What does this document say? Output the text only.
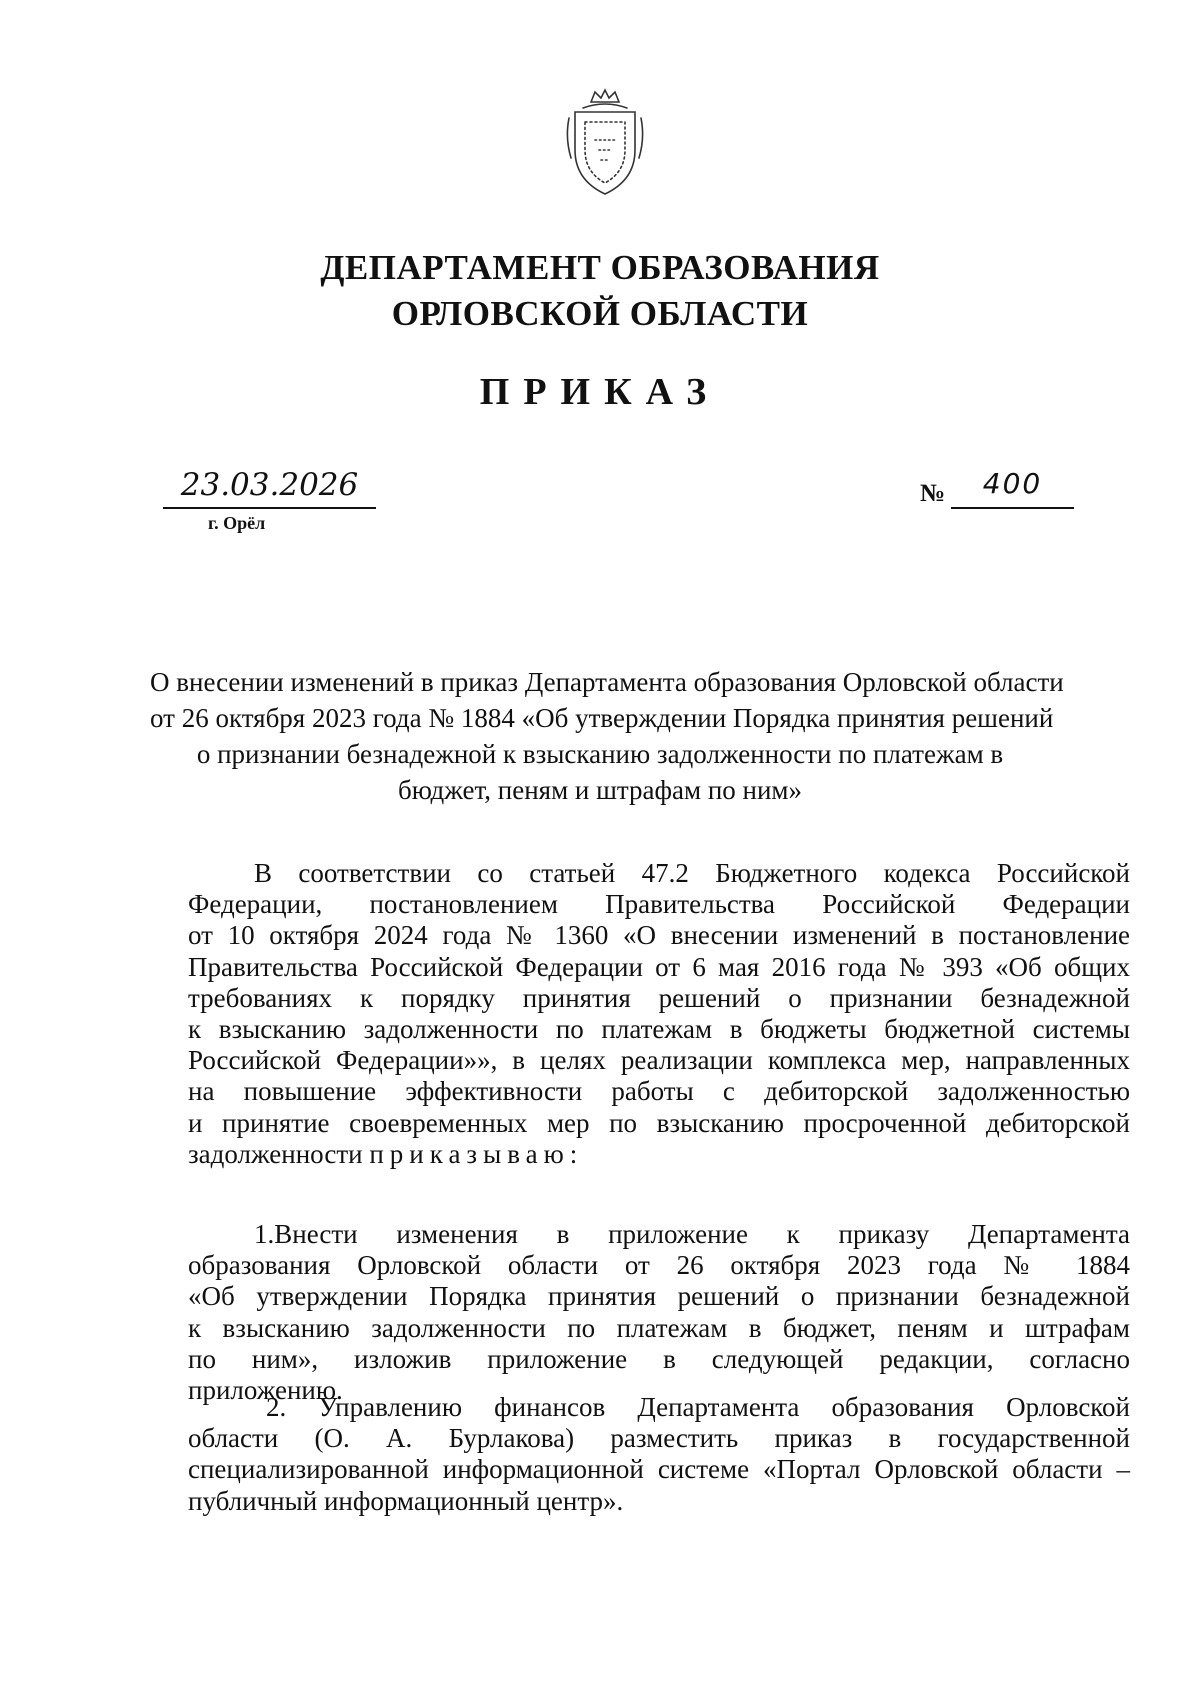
ДЕПАРТАМЕНТ ОБРАЗОВАНИЯ
ОРЛОВСКОЙ ОБЛАСТИ
ПРИКАЗ
23.03.2026
г. Орёл
№	400
О внесении изменений в приказ Департамента образования Орловской области
от 26 октября 2023 года № 1884 «Об утверждении Порядка принятия решений
о признании безнадежной к взысканию задолженности по платежам в
бюджет, пеням и штрафам по ним»
В соответствии со статьей 47.2 Бюджетного кодекса Российской
Федерации, постановлением Правительства Российской Федерации
от 10 октября 2024 года № 1360 «О внесении изменений в постановление
Правительства Российской Федерации от 6 мая 2016 года № 393 «Об общих
требованиях к порядку принятия решений о признании безнадежной
к взысканию задолженности по платежам в бюджеты бюджетной системы
Российской Федерации»», в целях реализации комплекса мер, направленных
на повышение эффективности работы с дебиторской задолженностью
и принятие своевременных мер по взысканию просроченной дебиторской
задолженности приказываю:
1.Внести изменения в приложение к приказу Департамента
образования Орловской области от 26 октября 2023 года № 1884
«Об утверждении Порядка принятия решений о признании безнадежной
к взысканию задолженности по платежам в бюджет, пеням и штрафам
по ним», изложив приложение в следующей редакции, согласно
приложению.
2. Управлению финансов Департамента образования Орловской
области (О. А. Бурлакова) разместить приказ в государственной
специализированной информационной системе «Портал Орловской области –
публичный информационный центр».
